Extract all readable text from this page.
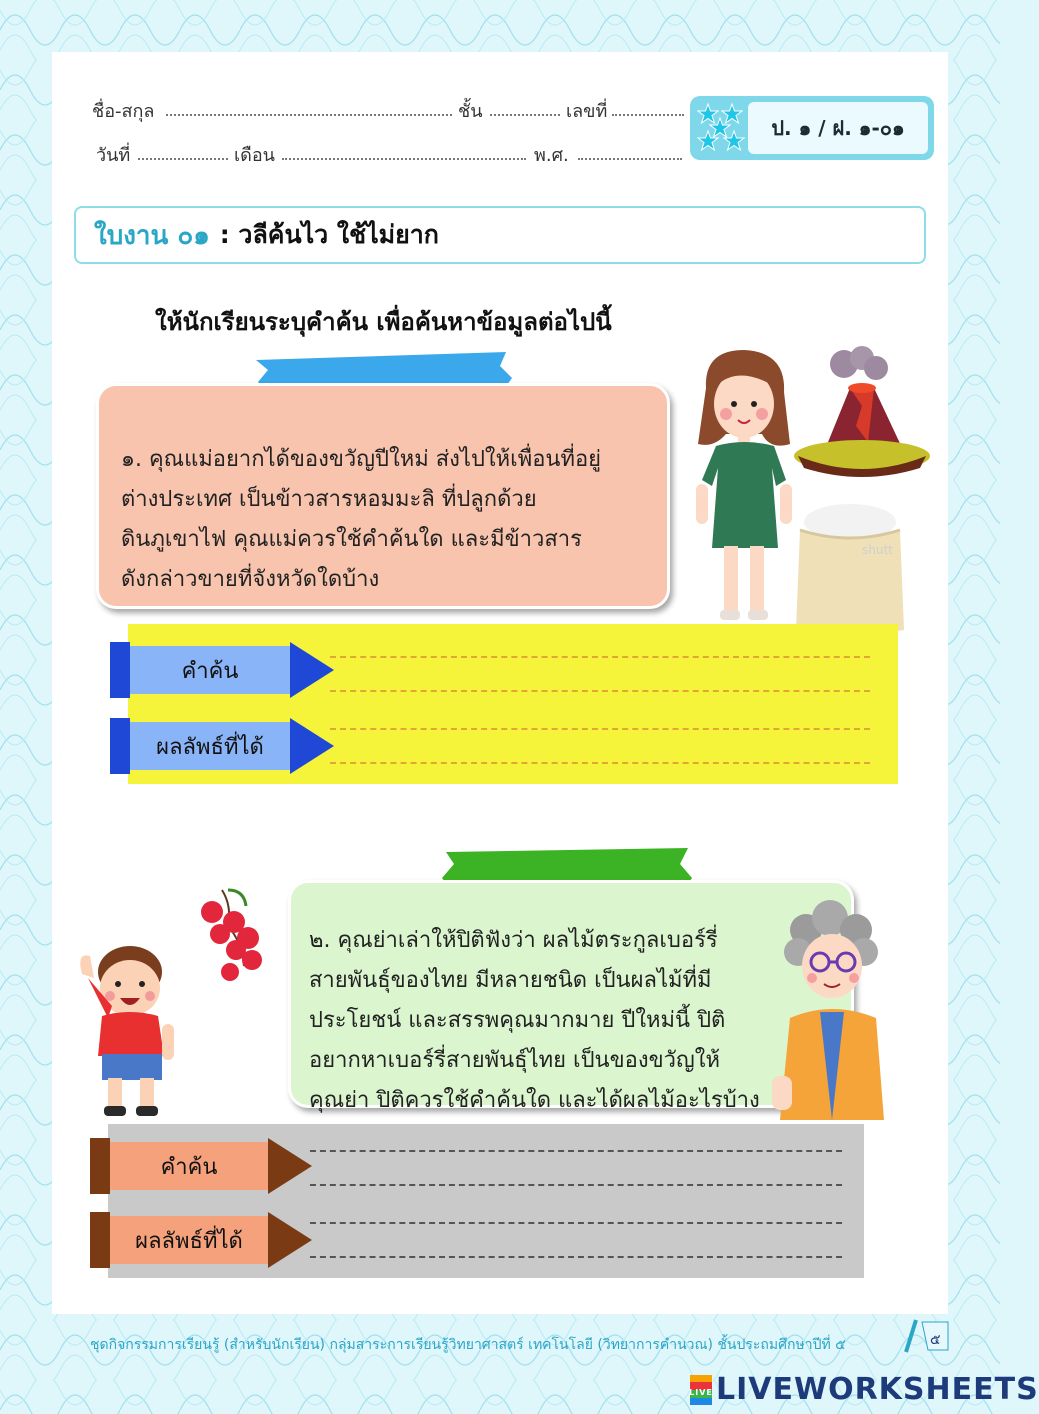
ชื่อ-สกุล	ชั้น	เลขที่
วันที่	เดือน	พ.ศ.
ป. ๑ / ฝ. ๑-๐๑
ใบงาน ๐๑ : วลีค้นไว ใช้ไม่ยาก
ให้นักเรียนระบุคำค้น เพื่อค้นหาข้อมูลต่อไปนี้
๑. คุณแม่อยากได้ของขวัญปีใหม่ ส่งไปให้เพื่อนที่อยู่
ต่างประเทศ เป็นข้าวสารหอมมะลิ ที่ปลูกด้วย
ดินภูเขาไฟ คุณแม่ควรใช้คำค้นใด และมีข้าวสาร
ดังกล่าวขายที่จังหวัดใดบ้าง
shutt
คำค้น
ผลลัพธ์ที่ได้
๒. คุณย่าเล่าให้ปิติฟังว่า ผลไม้ตระกูลเบอร์รี่
สายพันธุ์ของไทย มีหลายชนิด เป็นผลไม้ที่มี
ประโยชน์ และสรรพคุณมากมาย ปีใหม่นี้ ปิติ
อยากหาเบอร์รี่สายพันธุ์ไทย เป็นของขวัญให้
คุณย่า ปิติควรใช้คำค้นใด และได้ผลไม้อะไรบ้าง
คำค้น
ผลลัพธ์ที่ได้
ชุดกิจกรรมการเรียนรู้ (สำหรับนักเรียน) กลุ่มสาระการเรียนรู้วิทยาศาสตร์ เทคโนโลยี (วิทยาการคำนวณ) ชั้นประถมศึกษาปีที่ ๕	๕
LIVE LIVEWORKSHEETS
